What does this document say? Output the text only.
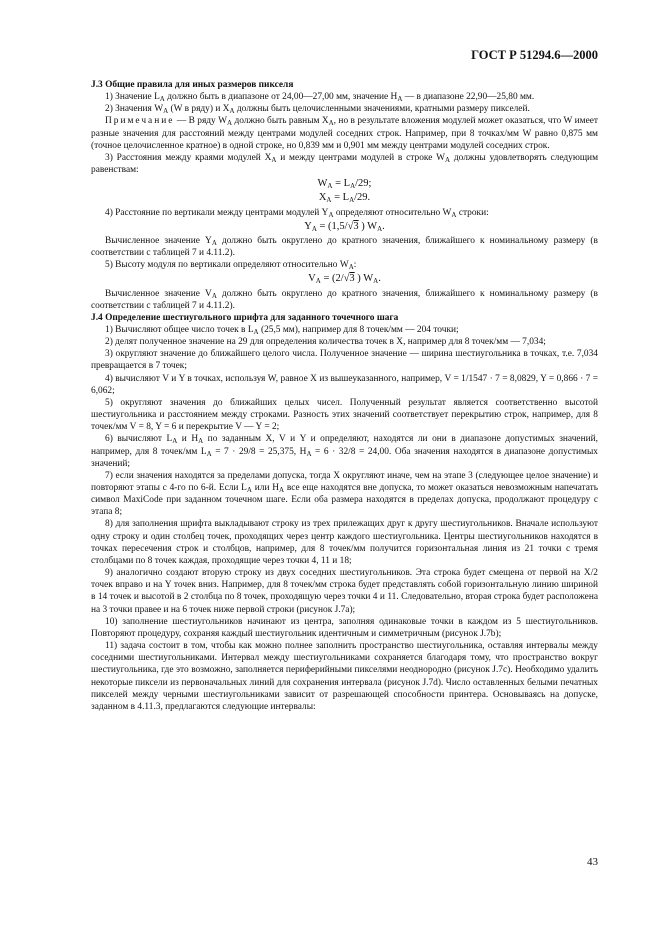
ГОСТ Р 51294.6—2000

J.3 Общие правила для иных размеров пикселя

1) Значение $L_A$ должно быть в диапазоне от 24,00—27,00 мм, значение $Н_A$ — в диапазоне 22,90—25,80 мм.

2) Значения $W_A$ (W в ряду) и $X_A$ должны быть целочисленными значениями, кратными размеру пикселей.

Примечание — В ряду $W_A$ должно быть равным $X_A$, но в результате вложения модулей может оказаться, что W имеет разные значения для расстояний между центрами модулей соседних строк. Например, при 8 точках/мм W равно 0,875 мм (точное целочисленное кратное) в одной строке, но 0,839 мм и 0,901 мм между центрами модулей соседних строк.

3) Расстояния между краями модулей $X_A$ и между центрами модулей в строке $W_A$ должны удовлетворять следующим равенствам:

$W_A = L_A/29$;

$X_A = L_A/29$.

4) Расстояние по вертикали между центрами модулей $Y_A$ определяют относительно $W_A$ строки:

$Y_A = (1,5/√3$ ) $W_A$.

Вычисленное значение $Y_A$ должно быть округлено до кратного значения, ближайшего к номинальному размеру (в соответствии с таблицей 7 и 4.11.2).

5) Высоту модуля по вертикали определяют относительно $W_A$:

$V_A = (2/√3$ ) $W_A$.

Вычисленное значение $V_A$ должно быть округлено до кратного значения, ближайшего к номинальному размеру (в соответствии с таблицей 7 и 4.11.2).

J.4 Определение шестиугольного шрифта для заданного точечного шага

1) Вычисляют общее число точек в $L_A$ (25,5 мм), например для 8 точек/мм — 204 точки;

2) делят полученное значение на 29 для определения количества точек в X, например для 8 точек/мм — 7,034;

3) округляют значение до ближайшего целого числа. Полученное значение — ширина шестиугольника в точках, т.е. 7,034 превращается в 7 точек;

4) вычисляют V и Y в точках, используя W, равное X из вышеуказанного, например, V = 1/1547 · 7 = 8,0829, Y = 0,866 · 7 = 6,062;

5) округляют значения до ближайших целых чисел. Полученный результат является соответственно высотой шестиугольника и расстоянием между строками. Разность этих значений соответствует перекрытию строк, например, для 8 точек/мм V = 8, Y = 6 и перекрытие V — Y = 2;

6) вычисляют $L_A$ и $H_A$ по заданным X, V и Y и определяют, находятся ли они в диапазоне допустимых значений, например, для 8 точек/мм $L_A = 7 \cdot 29/8 = 25,375$, $H_A = 6 \cdot 32/8 = 24,00$. Оба значения находятся в диапазоне допустимых значений;

7) если значения находятся за пределами допуска, тогда X округляют иначе, чем на этапе 3 (следующее целое значение) и повторяют этапы с 4-го по 6-й. Если $L_A$ или $H_A$ все еще находятся вне допуска, то может оказаться невозможным напечатать символ MaxiCode при заданном точечном шаге. Если оба размера находятся в пределах допуска, продолжают процедуру с этапа 8;

8) для заполнения шрифта выкладывают строку из трех прилежащих друг к другу шестиугольников. Вначале используют одну строку и один столбец точек, проходящих через центр каждого шестиугольника. Центры шестиугольников находятся в точках пересечения строк и столбцов, например, для 8 точек/мм получится горизонтальная линия из 21 точки с тремя столбцами по 8 точек каждая, проходящие через точки 4, 11 и 18;

9) аналогично создают вторую строку из двух соседних шестиугольников. Эта строка будет смещена от первой на X/2 точек вправо и на Y точек вниз. Например, для 8 точек/мм строка будет представлять собой горизонтальную линию шириной в 14 точек и высотой в 2 столбца по 8 точек, проходящую через точки 4 и 11. Следовательно, вторая строка будет расположена на 3 точки правее и на 6 точек ниже первой строки (рисунок J.7а);

10) заполнение шестиугольников начинают из центра, заполняя одинаковые точки в каждом из 5 шестиугольников. Повторяют процедуру, сохраняя каждый шестиугольник идентичным и симметричным (рисунок J.7b);

11) задача состоит в том, чтобы как можно полнее заполнить пространство шестиугольника, оставляя интервалы между соседними шестиугольниками. Интервал между шестиугольниками сохраняется благодаря тому, что пространство вокруг шестиугольника, где это возможно, заполняется периферийными пикселями неоднородно (рисунок J.7с). Необходимо удалить некоторые пиксели из первоначальных линий для сохранения интервала (рисунок J.7d). Число оставленных белыми печатных пикселей между черными шестиугольниками зависит от разрешающей способности принтера. Основываясь на допуске, заданном в 4.11.3, предлагаются следующие интервалы:

43
